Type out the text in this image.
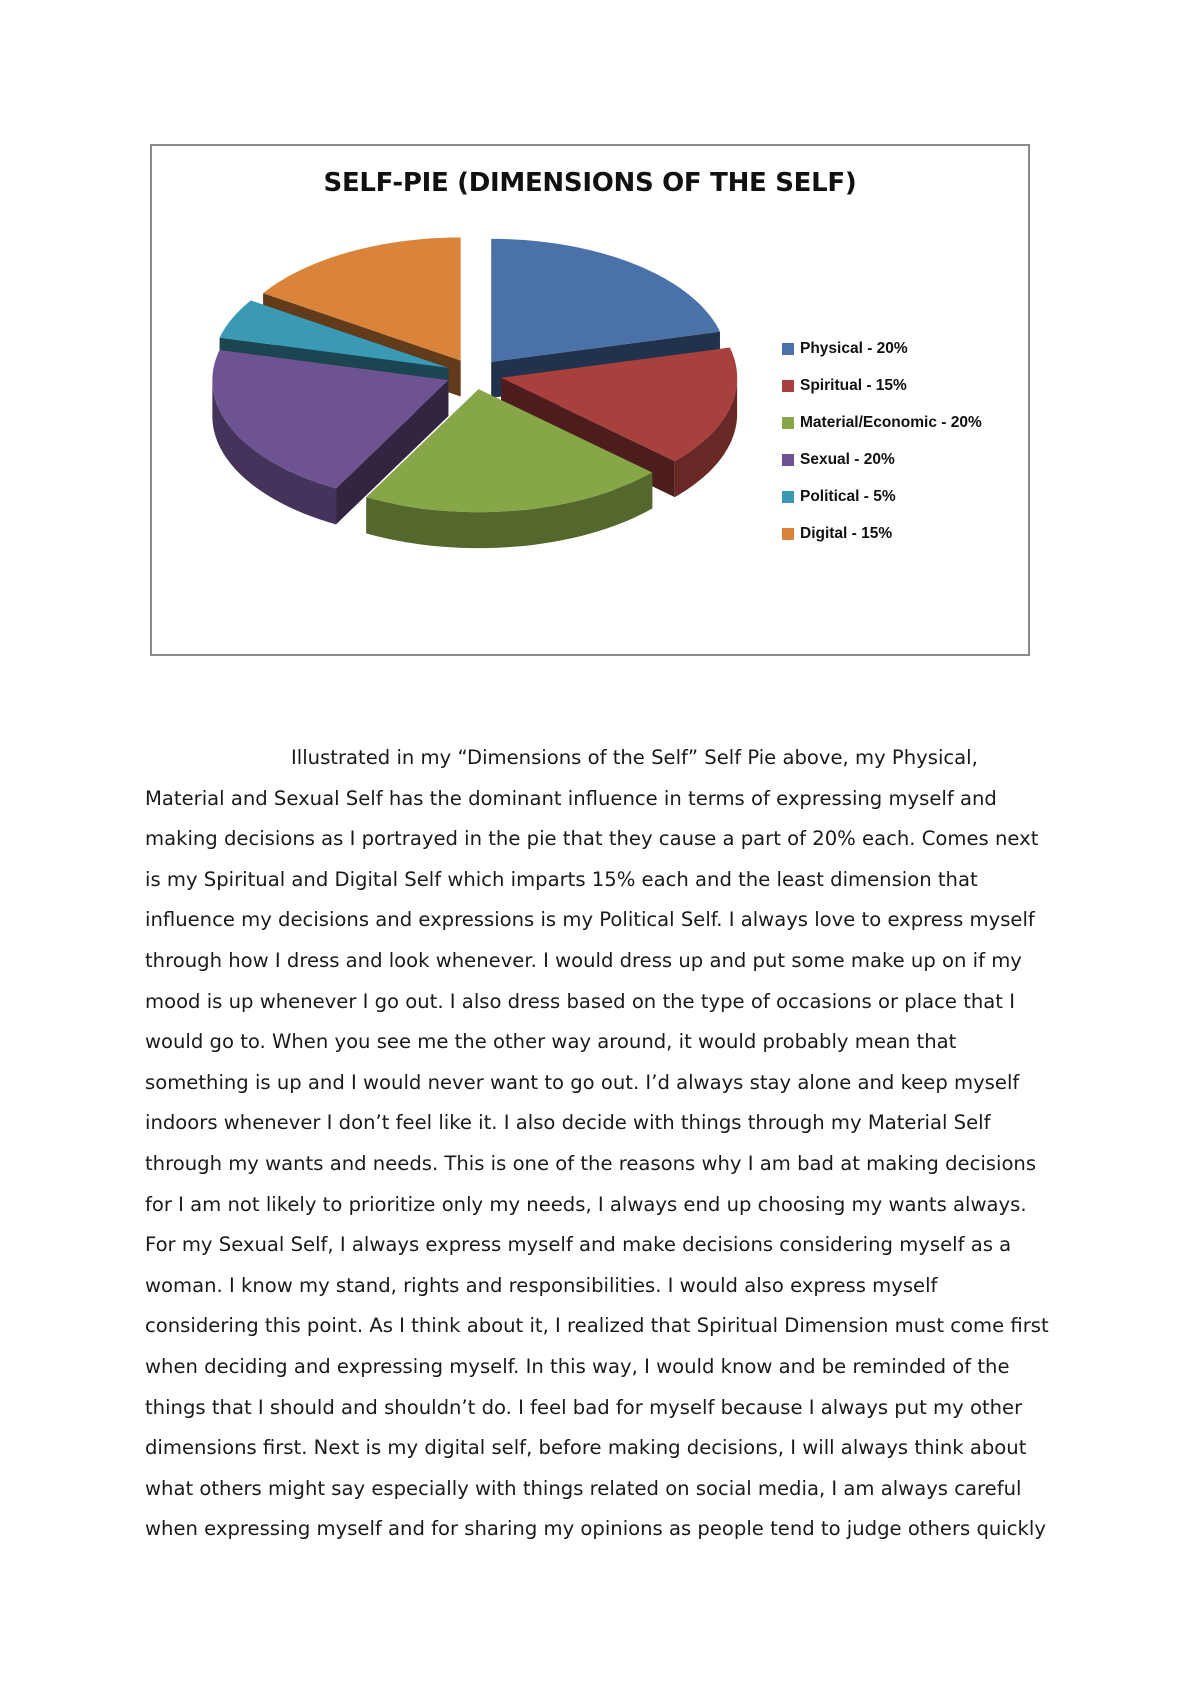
SELF-PIE (DIMENSIONS OF THE SELF)
Physical - 20%
Spiritual - 15%
Material/Economic - 20%
Sexual - 20%
Political - 5%
Digital - 15%

Illustrated in my “Dimensions of the Self” Self Pie above, my Physical,
Material and Sexual Self has the dominant influence in terms of expressing myself and
making decisions as I portrayed in the pie that they cause a part of 20% each. Comes next
is my Spiritual and Digital Self which imparts 15% each and the least dimension that
influence my decisions and expressions is my Political Self. I always love to express myself
through how I dress and look whenever. I would dress up and put some make up on if my
mood is up whenever I go out. I also dress based on the type of occasions or place that I
would go to. When you see me the other way around, it would probably mean that
something is up and I would never want to go out. I’d always stay alone and keep myself
indoors whenever I don’t feel like it. I also decide with things through my Material Self
through my wants and needs. This is one of the reasons why I am bad at making decisions
for I am not likely to prioritize only my needs, I always end up choosing my wants always.
For my Sexual Self, I always express myself and make decisions considering myself as a
woman. I know my stand, rights and responsibilities. I would also express myself
considering this point. As I think about it, I realized that Spiritual Dimension must come first
when deciding and expressing myself. In this way, I would know and be reminded of the
things that I should and shouldn’t do. I feel bad for myself because I always put my other
dimensions first. Next is my digital self, before making decisions, I will always think about
what others might say especially with things related on social media, I am always careful
when expressing myself and for sharing my opinions as people tend to judge others quickly
